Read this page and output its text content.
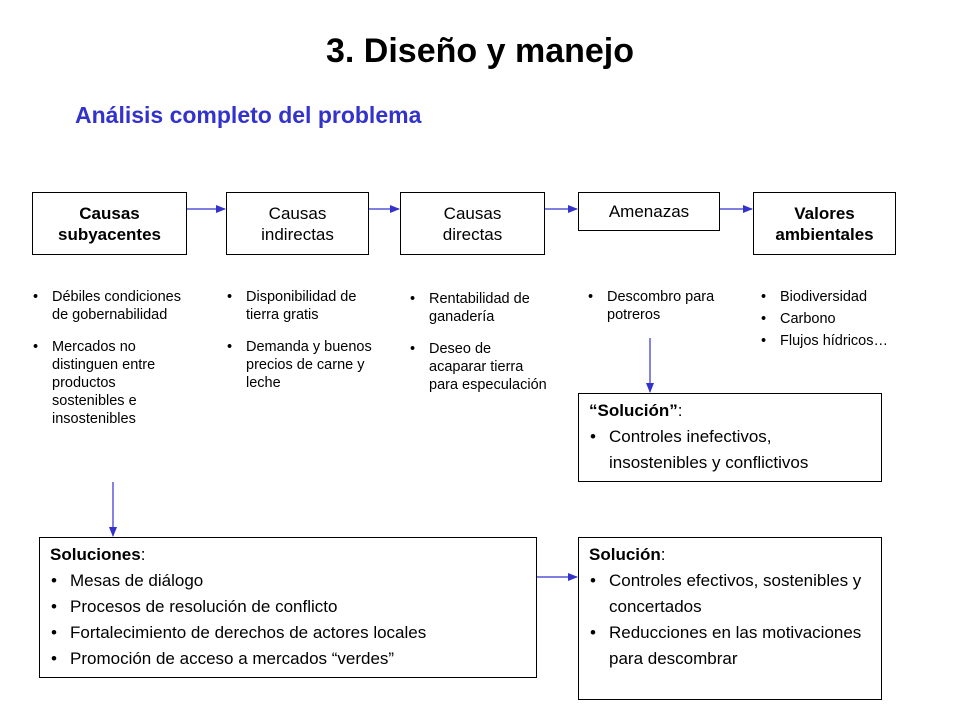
3. Diseño y manejo
Análisis completo del problema
Causas
subyacentes
Causas
indirectas
Causas
directas
Amenazas	Valores
ambientales
• Débiles condiciones de gobernabilidad
• Mercados no distinguen entre productos sostenibles e insostenibles
• Disponibilidad de tierra gratis
• Demanda y buenos precios de carne y leche
• Rentabilidad de ganadería
• Deseo de acaparar tierra para especulación
• Descombro para potreros
• Biodiversidad
• Carbono
• Flujos hídricos…
“Solución”:
• Controles inefectivos, insostenibles y conflictivos
Soluciones:
• Mesas de diálogo
• Procesos de resolución de conflicto
• Fortalecimiento de derechos de actores locales
• Promoción de acceso a mercados “verdes”
Solución:
• Controles efectivos, sostenibles y concertados
• Reducciones en las motivaciones para descombrar
